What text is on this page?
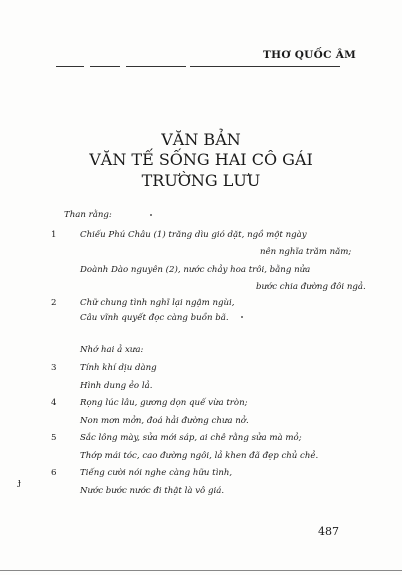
THƠ QUỐC ÂM
VĂN BẢN
VĂN TẾ SỐNG HAI CÔ GÁI
TRƯỜNG LƯU
Than rằng:
1	Chiếu Phú Châu (1) trăng dìu gió dặt, ngồ một ngày
nên nghĩa trăm năm;
Doành Dào nguyên (2), nước chảy hoa trôi, bằng nửa
bước chia đường đôi ngả.
2	Chữ chung tình nghĩ lại ngậm ngùi,
Câu vĩnh quyết đọc càng buồn bã.
Nhớ hai ả xưa:
3	Tính khí dịu dàng
Hình dung ẻo lả.
4	Rọng lúc lâu, gương dọn quế vừa tròn;
Non mơn mởn, đoá hải đường chưa nở.
5	Sắc lông mày, sửa mới sáp, ai chê rằng sửa mà mỏ;
Thớp mái tóc, cao đường ngôi, lả khen đã đẹp chủ chẻ.
6	Tiếng cười nói nghe càng hữu tình,
Nước bước nước đi thật là vô giá.
ɟ
487
